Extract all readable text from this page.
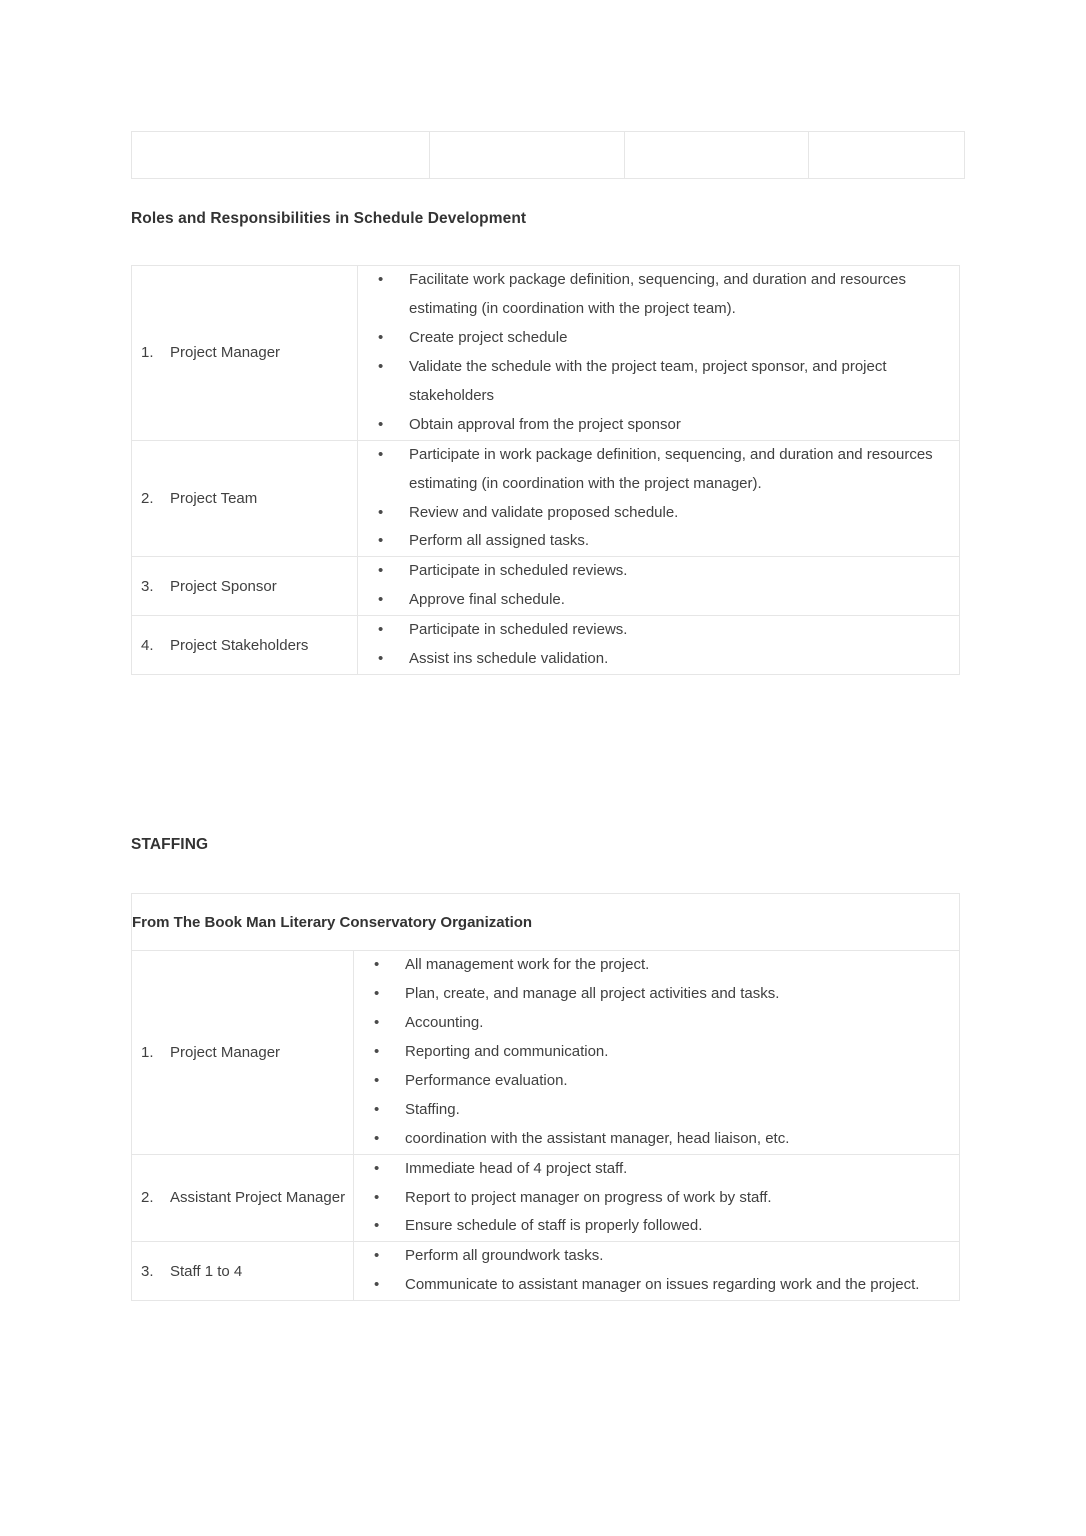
Roles and Responsibilities in Schedule Development
1.	Project Manager

• Facilitate work package definition, sequencing, and duration and resources estimating (in coordination with the project team).
• Create project schedule
• Validate the schedule with the project team, project sponsor, and project stakeholders
• Obtain approval from the project sponsor

2.	Project Team

• Participate in work package definition, sequencing, and duration and resources estimating (in coordination with the project manager).
• Review and validate proposed schedule.
• Perform all assigned tasks.

3.	Project Sponsor

• Participate in scheduled reviews.
• Approve final schedule.

4.	Project Stakeholders

• Participate in scheduled reviews.
• Assist ins schedule validation.
STAFFING
From The Book Man Literary Conservatory Organization	

1.	Project Manager

• All management work for the project.
• Plan, create, and manage all project activities and tasks.
• Accounting.
• Reporting and communication.
• Performance evaluation.
• Staffing.
• coordination with the assistant manager, head liaison, etc.

2.	Assistant Project Manager

• Immediate head of 4 project staff.
• Report to project manager on progress of work by staff.
• Ensure schedule of staff is properly followed.

3.	Staff 1 to 4

• Perform all groundwork tasks.
• Communicate to assistant manager on issues regarding work and the project.
